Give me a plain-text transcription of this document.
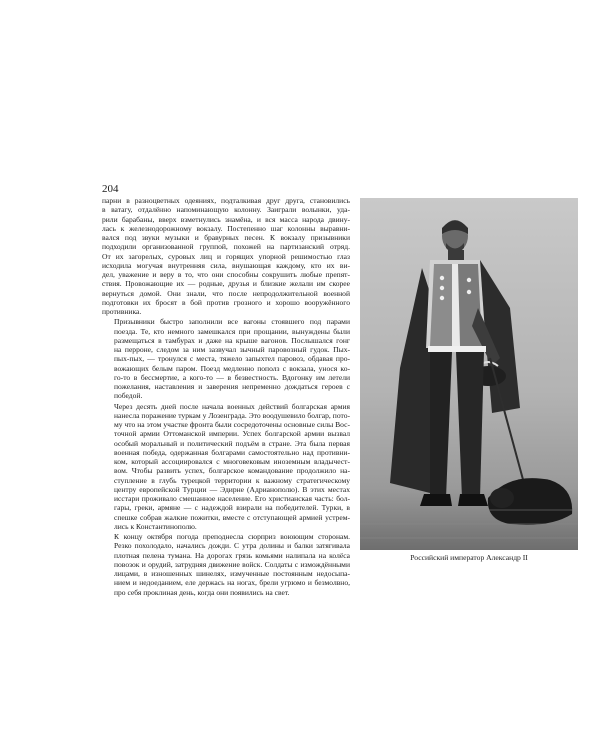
204

парни в разноцветных одеяниях, подталкивая друг друга, становились
в ватагу, отдалённо напоминающую колонну. Заиграли волынки, уда-
рили барабаны, вверх взметнулись знамёна, и вся масса народа двину-
лась к железнодорожному вокзалу. Постепенно шаг колонны выравни-
вался под звуки музыки и бравурных песен. К вокзалу призывники
подходили организованной группой, похожей на партизанский отряд.
От их загорелых, суровых лиц и горящих упорной решимостью глаз
исходила могучая внутренняя сила, внушающая каждому, кто их ви-
дел, уважение и веру в то, что они способны сокрушить любые препят-
ствия. Провожающие их — родные, друзья и близкие желали им скорее
вернуться домой. Они знали, что после непродолжительной военной
подготовки их бросят в бой против грозного и хорошо вооружённого
противника.

Призывники быстро заполнили все вагоны стоявшего под парами
поезда. Те, кто немного замешкался при прощании, вынуждены были
размещаться в тамбурах и даже на крыше вагонов. Послышался гонг
на перроне, следом за ним зазвучал зычный паровозный гудок. Пых-
пых-пых, — тронулся с места, тяжело запыхтел паровоз, обдавая про-
вожающих белым паром. Поезд медленно пополз с вокзала, унося ко-
го-то в бессмертие, а кого-то — в безвестность. Вдогонку им летели
пожелания, наставления и заверения непременно дождаться героев с
победой.

Через десять дней после начала военных действий болгарская армия
нанесла поражение туркам у Лозенграда. Это воодушевило болгар, пото-
му что на этом участке фронта были сосредоточены основные силы Вос-
точной армии Оттоманской империи. Успех болгарской армии вызвал
особый моральный и политический подъём в стране. Эта была первая
военная победа, одержанная болгарами самостоятельно над противни-
ком, который ассоциировался с многовековым иноземным владычест-
вом. Чтобы развить успех, болгарское командование продолжило на-
ступление в глубь турецкой территории к важному стратегическому
центру европейской Турции — Эдирне (Адрианополю). В этих местах
исстари проживало смешанное население. Его христианская часть: бол-
гары, греки, армяне — с надеждой взирали на победителей. Турки, в
спешке собрав жалкие пожитки, вместе с отступающей армией устрем-
лись к Константинополю.

К концу октября погода преподнесла сюрприз воюющим сторонам.
Резко похолодало, начались дожди. С утра долины и балки затягивала
плотная пелена тумана. На дорогах грязь комьями налипала на колёса
повозок и орудий, затрудняя движение войск. Солдаты с измождёнными
лицами, в изношенных шинелях, измученные постоянным недосыпа-
нием и недоеданием, еле держась на ногах, брели угрюмо и безмолвно,
про себя проклиная день, когда они появились на свет.

Российский император Александр II
